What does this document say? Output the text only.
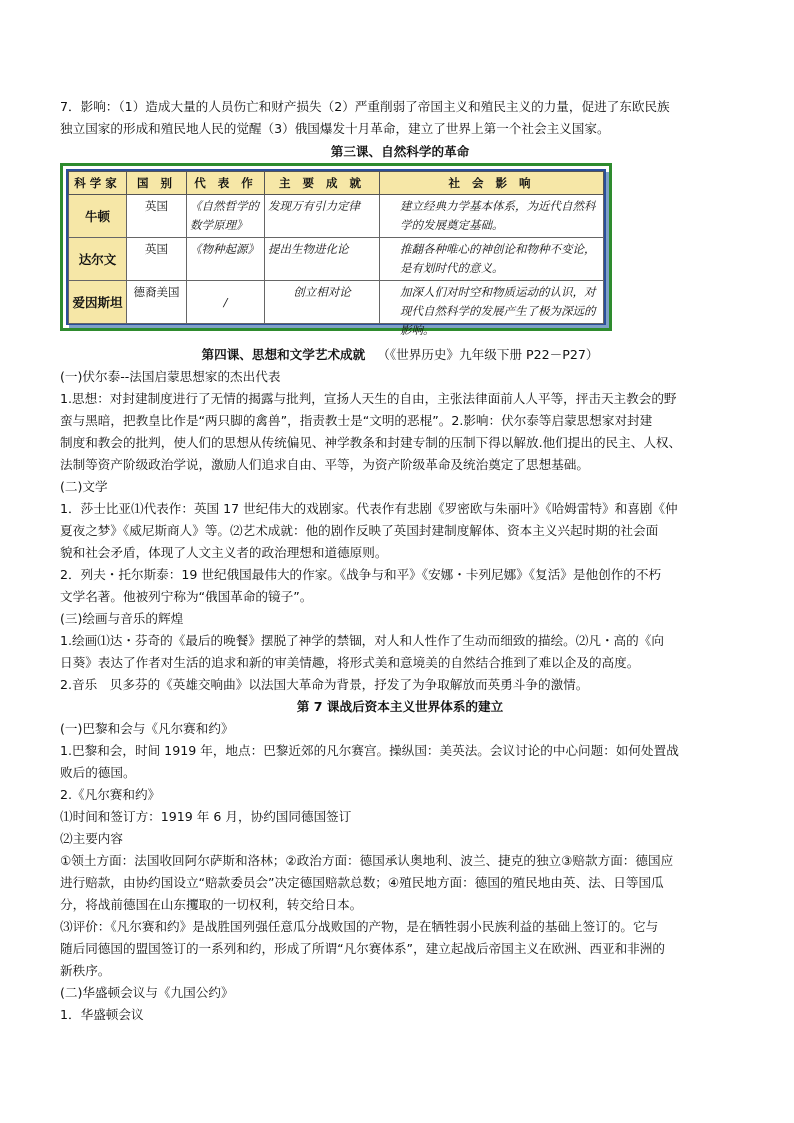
7．影响：（1）造成大量的人员伤亡和财产损失（2）严重削弱了帝国主义和殖民主义的力量，促进了东欧民族

独立国家的形成和殖民地人民的觉醒（3）俄国爆发十月革命，建立了世界上第一个社会主义国家。

第三课、自然科学的革命

科学家	国 别	代 表 作	主 要 成 就	社 会 影 响
牛顿	英国	《自然哲学的数学原理》	发现万有引力定律	建立经典力学基本体系，为近代自然科学的发展奠定基础。

达尔文	英国	《物种起源》	提出生物进化论	推翻各种唯心的神创论和物种不变论，是有划时代的意义。

爱因斯坦	德裔美国	/	创立相对论	加深人们对时空和物质运动的认识，对现代自然科学的发展产生了极为深远的影响。

第四课、思想和文学艺术成就 （《世界历史》九年级下册 P22－P27）

(一)伏尔泰--法国启蒙思想家的杰出代表

1.思想：对封建制度进行了无情的揭露与批判，宣扬人天生的自由，主张法律面前人人平等，抨击天主教会的野

蛮与黑暗，把教皇比作是“两只脚的禽兽”，指责教士是“文明的恶棍”。2.影响：伏尔泰等启蒙思想家对封建

制度和教会的批判，使人们的思想从传统偏见、神学教条和封建专制的压制下得以解放.他们提出的民主、人权、

法制等资产阶级政治学说，激励人们追求自由、平等，为资产阶级革命及统治奠定了思想基础。

(二)文学

1．莎士比亚⑴代表作：英国 17 世纪伟大的戏剧家。代表作有悲剧《罗密欧与朱丽叶》《哈姆雷特》和喜剧《仲

夏夜之梦》《威尼斯商人》等。⑵艺术成就：他的剧作反映了英国封建制度解体、资本主义兴起时期的社会面

貌和社会矛盾，体现了人文主义者的政治理想和道德原则。

2．列夫・托尔斯泰：19 世纪俄国最伟大的作家。《战争与和平》《安娜・卡列尼娜》《复活》是他创作的不朽

文学名著。他被列宁称为“俄国革命的镜子”。

(三)绘画与音乐的辉煌

1.绘画⑴达・芬奇的《最后的晚餐》摆脱了神学的禁锢，对人和人性作了生动而细致的描绘。⑵凡・高的《向

日葵》表达了作者对生活的追求和新的审美情趣，将形式美和意境美的自然结合推到了难以企及的高度。

2.音乐　贝多芬的《英雄交响曲》以法国大革命为背景，抒发了为争取解放而英勇斗争的激情。

第 7 课战后资本主义世界体系的建立

(一)巴黎和会与《凡尔赛和约》

1.巴黎和会，时间 1919 年，地点：巴黎近郊的凡尔赛宫。操纵国：美英法。会议讨论的中心问题：如何处置战

败后的德国。

2.《凡尔赛和约》

⑴时间和签订方：1919 年 6 月，协约国同德国签订

⑵主要内容

①领土方面：法国收回阿尔萨斯和洛林；②政治方面：德国承认奥地利、波兰、捷克的独立③赔款方面：德国应

进行赔款，由协约国设立“赔款委员会”决定德国赔款总数；④殖民地方面：德国的殖民地由英、法、日等国瓜

分，将战前德国在山东攫取的一切权利，转交给日本。

⑶评价：《凡尔赛和约》是战胜国列强任意瓜分战败国的产物，是在牺牲弱小民族利益的基础上签订的。它与

随后同德国的盟国签订的一系列和约，形成了所谓“凡尔赛体系”，建立起战后帝国主义在欧洲、西亚和非洲的

新秩序。

(二)华盛顿会议与《九国公约》

1．华盛顿会议
